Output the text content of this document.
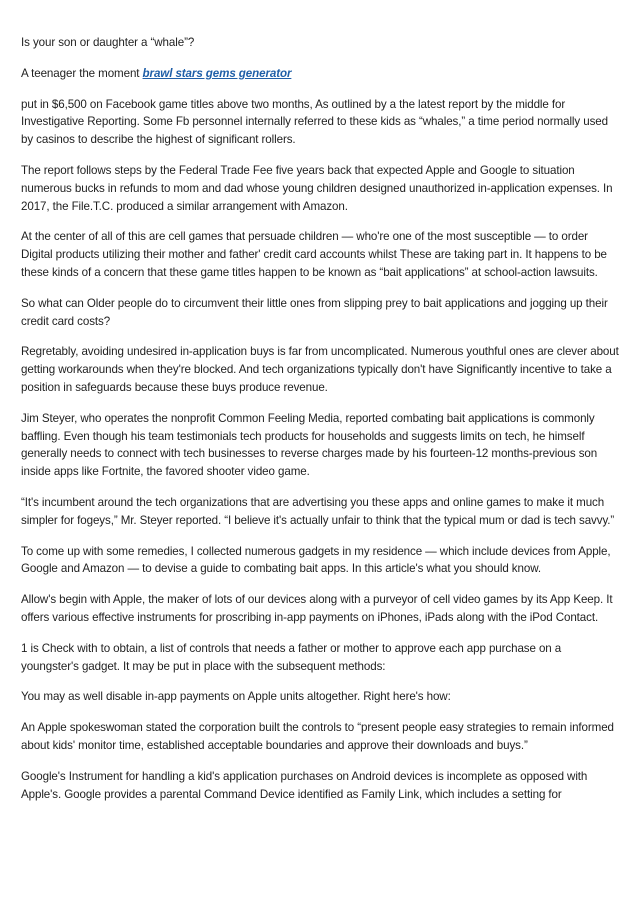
Is your son or daughter a “whale”?

A teenager the moment brawl stars gems generator

put in $6,500 on Facebook game titles above two months, As outlined by a the latest report by the middle for Investigative Reporting. Some Fb personnel internally referred to these kids as “whales,” a time period normally used by casinos to describe the highest of significant rollers.

The report follows steps by the Federal Trade Fee five years back that expected Apple and Google to situation numerous bucks in refunds to mom and dad whose young children designed unauthorized in-application expenses. In 2017, the File.T.C. produced a similar arrangement with Amazon.

At the center of all of this are cell games that persuade children — who're one of the most susceptible — to order Digital products utilizing their mother and father' credit card accounts whilst These are taking part in. It happens to be these kinds of a concern that these game titles happen to be known as “bait applications” at school-action lawsuits.

So what can Older people do to circumvent their little ones from slipping prey to bait applications and jogging up their credit card costs?

Regretably, avoiding undesired in-application buys is far from uncomplicated. Numerous youthful ones are clever about getting workarounds when they're blocked. And tech organizations typically don't have Significantly incentive to take a position in safeguards because these buys produce revenue.

Jim Steyer, who operates the nonprofit Common Feeling Media, reported combating bait applications is commonly baffling. Even though his team testimonials tech products for households and suggests limits on tech, he himself generally needs to connect with tech businesses to reverse charges made by his fourteen-12 months-previous son inside apps like Fortnite, the favored shooter video game.

“It's incumbent around the tech organizations that are advertising you these apps and online games to make it much simpler for fogeys,” Mr. Steyer reported. “I believe it's actually unfair to think that the typical mum or dad is tech savvy.”

To come up with some remedies, I collected numerous gadgets in my residence — which include devices from Apple, Google and Amazon — to devise a guide to combating bait apps. In this article's what you should know.

Allow's begin with Apple, the maker of lots of our devices along with a purveyor of cell video games by its App Keep. It offers various effective instruments for proscribing in-app payments on iPhones, iPads along with the iPod Contact.

1 is Check with to obtain, a list of controls that needs a father or mother to approve each app purchase on a youngster's gadget. It may be put in place with the subsequent methods:

You may as well disable in-app payments on Apple units altogether. Right here's how:

An Apple spokeswoman stated the corporation built the controls to “present people easy strategies to remain informed about kids' monitor time, established acceptable boundaries and approve their downloads and buys.”

Google's Instrument for handling a kid's application purchases on Android devices is incomplete as opposed with Apple's. Google provides a parental Command Device identified as Family Link, which includes a setting for
